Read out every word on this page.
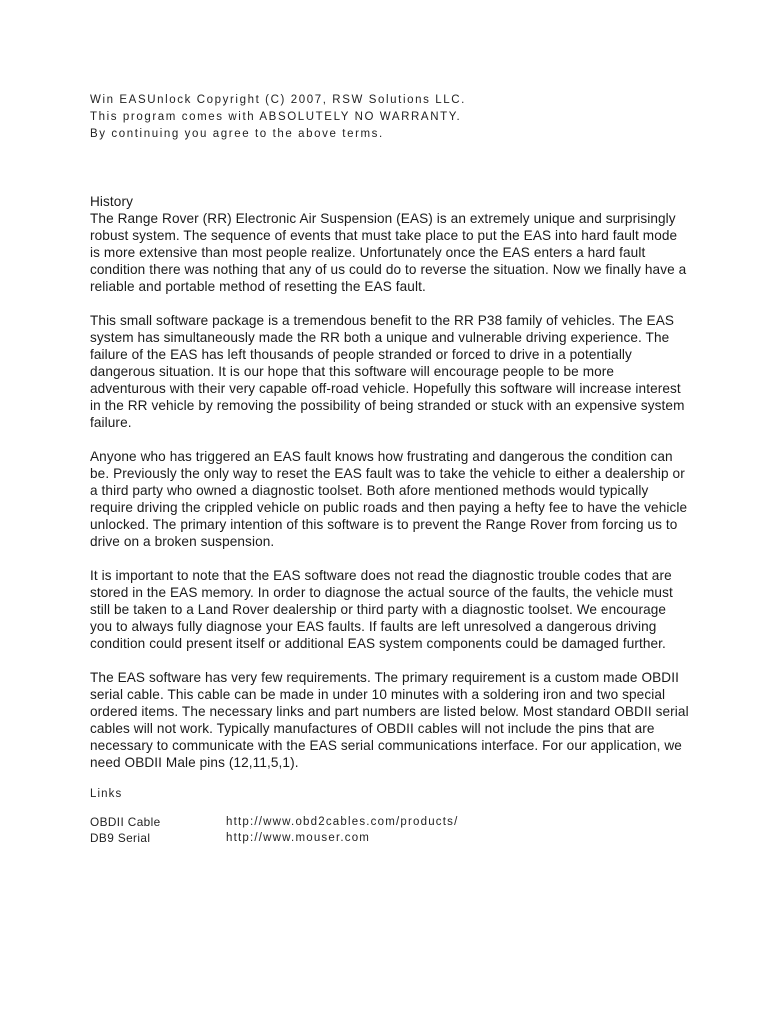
Win EASUnlock Copyright (C) 2007, RSW Solutions LLC.
This program comes with ABSOLUTELY NO WARRANTY.
By continuing you agree to the above terms.
History

The Range Rover (RR) Electronic Air Suspension (EAS) is an extremely unique and surprisingly robust system. The sequence of events that must take place to put the EAS into hard fault mode is more extensive than most people realize. Unfortunately once the EAS enters a hard fault condition there was nothing that any of us could do to reverse the situation. Now we finally have a reliable and portable method of resetting the EAS fault.

This small software package is a tremendous benefit to the RR P38 family of vehicles. The EAS system has simultaneously made the RR both a unique and vulnerable driving experience. The failure of the EAS has left thousands of people stranded or forced to drive in a potentially dangerous situation. It is our hope that this software will encourage people to be more adventurous with their very capable off-road vehicle. Hopefully this software will increase interest in the RR vehicle by removing the possibility of being stranded or stuck with an expensive system failure.

Anyone who has triggered an EAS fault knows how frustrating and dangerous the condition can be. Previously the only way to reset the EAS fault was to take the vehicle to either a dealership or a third party who owned a diagnostic toolset. Both afore mentioned methods would typically require driving the crippled vehicle on public roads and then paying a hefty fee to have the vehicle unlocked. The primary intention of this software is to prevent the Range Rover from forcing us to drive on a broken suspension.

It is important to note that the EAS software does not read the diagnostic trouble codes that are stored in the EAS memory. In order to diagnose the actual source of the faults, the vehicle must still be taken to a Land Rover dealership or third party with a diagnostic toolset. We encourage you to always fully diagnose your EAS faults. If faults are left unresolved a dangerous driving condition could present itself or additional EAS system components could be damaged further.

The EAS software has very few requirements. The primary requirement is a custom made OBDII serial cable. This cable can be made in under 10 minutes with a soldering iron and two special ordered items. The necessary links and part numbers are listed below. Most standard OBDII serial cables will not work. Typically manufactures of OBDII cables will not include the pins that are necessary to communicate with the EAS serial communications interface. For our application, we need OBDII Male pins (12,11,5,1).

Links
OBDII Cable	http://www.obd2cables.com/products/
DB9 Serial	http://www.mouser.com
